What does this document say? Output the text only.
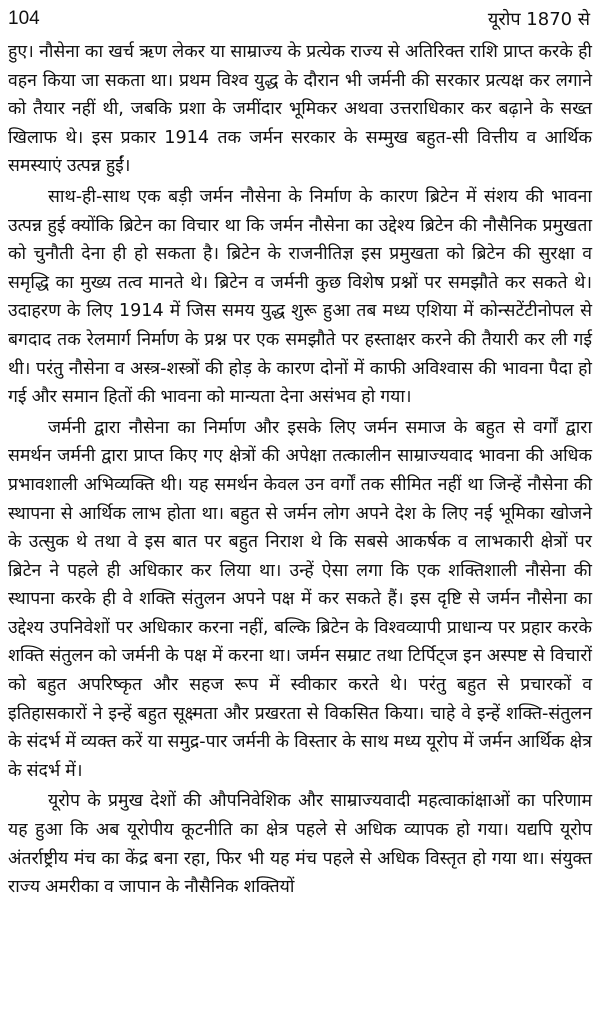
104	यूरोप 1870 से

हुए। नौसेना का खर्च ऋण लेकर या साम्राज्य के प्रत्येक राज्य से अतिरिक्त राशि प्राप्त करके ही वहन किया जा सकता था। प्रथम विश्व युद्ध के दौरान भी जर्मनी की सरकार प्रत्यक्ष कर लगाने को तैयार नहीं थी, जबकि प्रशा के जमींदार भूमिकर अथवा उत्तराधिकार कर बढ़ाने के सख्त खिलाफ थे। इस प्रकार 1914 तक जर्मन सरकार के सम्मुख बहुत-सी वित्तीय व आर्थिक समस्याएं उत्पन्न हुईं।

साथ-ही-साथ एक बड़ी जर्मन नौसेना के निर्माण के कारण ब्रिटेन में संशय की भावना उत्पन्न हुई क्योंकि ब्रिटेन का विचार था कि जर्मन नौसेना का उद्देश्य ब्रिटेन की नौसैनिक प्रमुखता को चुनौती देना ही हो सकता है। ब्रिटेन के राजनीतिज्ञ इस प्रमुखता को ब्रिटेन की सुरक्षा व समृद्धि का मुख्य तत्व मानते थे। ब्रिटेन व जर्मनी कुछ विशेष प्रश्नों पर समझौते कर सकते थे। उदाहरण के लिए 1914 में जिस समय युद्ध शुरू हुआ तब मध्य एशिया में कोन्सटेंटीनोपल से बगदाद तक रेलमार्ग निर्माण के प्रश्न पर एक समझौते पर हस्ताक्षर करने की तैयारी कर ली गई थी। परंतु नौसेना व अस्त्र-शस्त्रों की होड़ के कारण दोनों में काफी अविश्वास की भावना पैदा हो गई और समान हितों की भावना को मान्यता देना असंभव हो गया।

जर्मनी द्वारा नौसेना का निर्माण और इसके लिए जर्मन समाज के बहुत से वर्गों द्वारा समर्थन जर्मनी द्वारा प्राप्त किए गए क्षेत्रों की अपेक्षा तत्कालीन साम्राज्यवाद भावना की अधिक प्रभावशाली अभिव्यक्ति थी। यह समर्थन केवल उन वर्गों तक सीमित नहीं था जिन्हें नौसेना की स्थापना से आर्थिक लाभ होता था। बहुत से जर्मन लोग अपने देश के लिए नई भूमिका खोजने के उत्सुक थे तथा वे इस बात पर बहुत निराश थे कि सबसे आकर्षक व लाभकारी क्षेत्रों पर ब्रिटेन ने पहले ही अधिकार कर लिया था। उन्हें ऐसा लगा कि एक शक्तिशाली नौसेना की स्थापना करके ही वे शक्ति संतुलन अपने पक्ष में कर सकते हैं। इस दृष्टि से जर्मन नौसेना का उद्देश्य उपनिवेशों पर अधिकार करना नहीं, बल्कि ब्रिटेन के विश्वव्यापी प्राधान्य पर प्रहार करके शक्ति संतुलन को जर्मनी के पक्ष में करना था। जर्मन सम्राट तथा टिर्पिट्ज इन अस्पष्ट से विचारों को बहुत अपरिष्कृत और सहज रूप में स्वीकार करते थे। परंतु बहुत से प्रचारकों व इतिहासकारों ने इन्हें बहुत सूक्ष्मता और प्रखरता से विकसित किया। चाहे वे इन्हें शक्ति-संतुलन के संदर्भ में व्यक्त करें या समुद्र-पार जर्मनी के विस्तार के साथ मध्य यूरोप में जर्मन आर्थिक क्षेत्र के संदर्भ में।

यूरोप के प्रमुख देशों की औपनिवेशिक और साम्राज्यवादी महत्वाकांक्षाओं का परिणाम यह हुआ कि अब यूरोपीय कूटनीति का क्षेत्र पहले से अधिक व्यापक हो गया। यद्यपि यूरोप अंतर्राष्ट्रीय मंच का केंद्र बना रहा, फिर भी यह मंच पहले से अधिक विस्तृत हो गया था। संयुक्त राज्य अमरीका व जापान के नौसैनिक शक्तियों
